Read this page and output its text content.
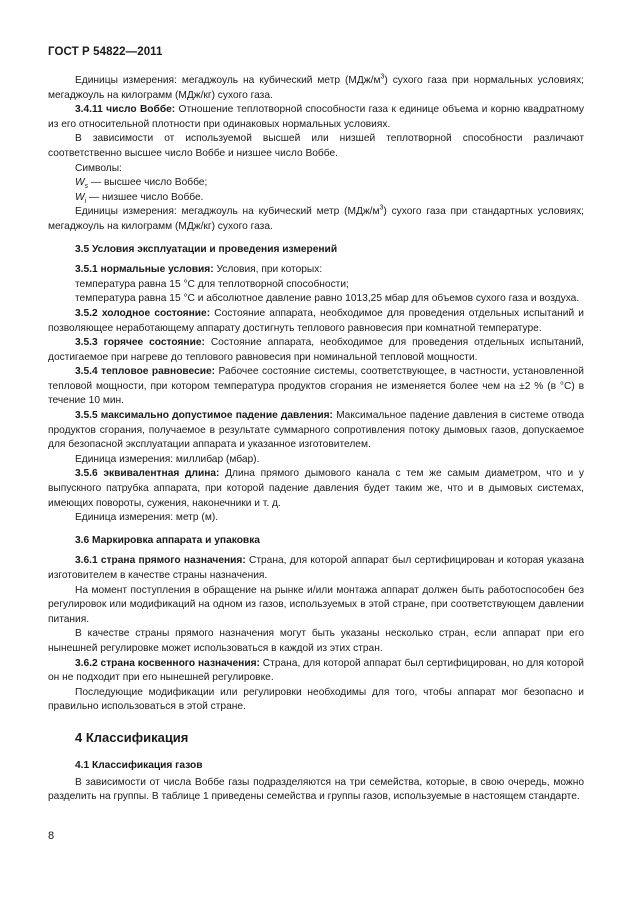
ГОСТ Р 54822—2011

Единицы измерения: мегаджоуль на кубический метр $(МДж/м^3)$ сухого газа при нормальных условиях; мегаджоуль на килограмм (МДж/кг) сухого газа.

3.4.11 число Воббе: Отношение теплотворной способности газа к единице объема и корню квадратному из его относительной плотности при одинаковых нормальных условиях.

В зависимости от используемой высшей или низшей теплотворной способности различают соответственно высшее число Воббе и низшее число Воббе.

Символы:

$W_s$ — высшее число Воббе;

$W_i$ — низшее число Воббе.

Единицы измерения: мегаджоуль на кубический метр $(МДж/м^3)$ сухого газа при стандартных условиях; мегаджоуль на килограмм (МДж/кг) сухого газа.

3.5 Условия эксплуатации и проведения измерений

3.5.1 нормальные условия: Условия, при которых:

температура равна 15 °С для теплотворной способности;

температура равна 15 °С и абсолютное давление равно 1013,25 мбар для объемов сухого газа и воздуха.

3.5.2 холодное состояние: Состояние аппарата, необходимое для проведения отдельных испытаний и позволяющее неработающему аппарату достигнуть теплового равновесия при комнатной температуре.

3.5.3 горячее состояние: Состояние аппарата, необходимое для проведения отдельных испытаний, достигаемое при нагреве до теплового равновесия при номинальной тепловой мощности.

3.5.4 тепловое равновесие: Рабочее состояние системы, соответствующее, в частности, установленной тепловой мощности, при котором температура продуктов сгорания не изменяется более чем на ±2 % (в °С) в течение 10 мин.

3.5.5 максимально допустимое падение давления: Максимальное падение давления в системе отвода продуктов сгорания, получаемое в результате суммарного сопротивления потоку дымовых газов, допускаемое для безопасной эксплуатации аппарата и указанное изготовителем.

Единица измерения: миллибар (мбар).

3.5.6 эквивалентная длина: Длина прямого дымового канала с тем же самым диаметром, что и у выпускного патрубка аппарата, при которой падение давления будет таким же, что и в дымовых системах, имеющих повороты, сужения, наконечники и т. д.

Единица измерения: метр (м).

3.6 Маркировка аппарата и упаковка

3.6.1 страна прямого назначения: Страна, для которой аппарат был сертифицирован и которая указана изготовителем в качестве страны назначения.

На момент поступления в обращение на рынке и/или монтажа аппарат должен быть работоспособен без регулировок или модификаций на одном из газов, используемых в этой стране, при соответствующем давлении питания.

В качестве страны прямого назначения могут быть указаны несколько стран, если аппарат при его нынешней регулировке может использоваться в каждой из этих стран.

3.6.2 страна косвенного назначения: Страна, для которой аппарат был сертифицирован, но для которой он не подходит при его нынешней регулировке.

Последующие модификации или регулировки необходимы для того, чтобы аппарат мог безопасно и правильно использоваться в этой стране.

4 Классификация

4.1 Классификация газов

В зависимости от числа Воббе газы подразделяются на три семейства, которые, в свою очередь, можно разделить на группы. В таблице 1 приведены семейства и группы газов, используемые в настоящем стандарте.

8
